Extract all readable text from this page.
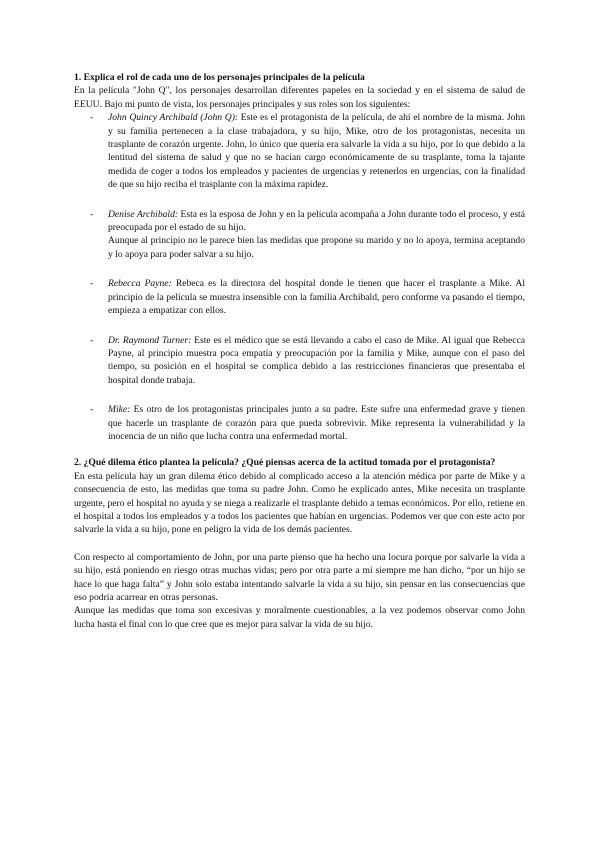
1. Explica el rol de cada uno de los personajes principales de la película

En la película "John Q", los personajes desarrollan diferentes papeles en la sociedad y en el sistema de salud de EEUU. Bajo mi punto de vista, los personajes principales y sus roles son los siguientes:

- John Quincy Archibald (John Q): Este es el protagonista de la película, de ahí el nombre de la misma. John y su familia pertenecen a la clase trabajadora, y su hijo, Mike, otro de los protagonistas, necesita un trasplante de corazón urgente. John, lo único que quería era salvarle la vida a su hijo, por lo que debido a la lentitud del sistema de salud y que no se hacían cargo económicamente de su trasplante, toma la tajante medida de coger a todos los empleados y pacientes de urgencias y retenerlos en urgencias, con la finalidad de que su hijo reciba el trasplante con la máxima rapidez.
- Denise Archibald: Esta es la esposa de John y en la película acompaña a John durante todo el proceso, y está preocupada por el estado de su hijo.
Aunque al principio no le parece bien las medidas que propone su marido y no lo apoya, termina aceptando y lo apoya para poder salvar a su hijo.
- Rebecca Payne: Rebeca es la directora del hospital donde le tienen que hacer el trasplante a Mike. Al principio de la película se muestra insensible con la familia Archibald, pero conforme va pasando el tiempo, empieza a empatizar con ellos.
- Dr. Raymond Turner: Este es el médico que se está llevando a cabo el caso de Mike. Al igual que Rebecca Payne, al principio muestra poca empatía y preocupación por la familia y Mike, aunque con el paso del tiempo, su posición en el hospital se complica debido a las restricciones financieras que presentaba el hospital donde trabaja.
- Mike: Es otro de los protagonistas principales junto a su padre. Este sufre una enfermedad grave y tienen que hacerle un trasplante de corazón para que pueda sobrevivir. Mike representa la vulnerabilidad y la inocencia de un niño que lucha contra una enfermedad mortal.

2. ¿Qué dilema ético plantea la película? ¿Qué piensas acerca de la actitud tomada por el protagonista?

En esta película hay un gran dilema ético debido al complicado acceso a la atención médica por parte de Mike y a consecuencia de esto, las medidas que toma su padre John. Como he explicado antes, Mike necesita un trasplante urgente, pero el hospital no ayuda y se niega a realizarle el trasplante debido a temas económicos. Por ello, retiene en el hospital a todos los empleados y a todos los pacientes que habían en urgencias. Podemos ver que con este acto por salvarle la vida a su hijo, pone en peligro la vida de los demás pacientes.

Con respecto al comportamiento de John, por una parte pienso que ha hecho una locura porque por salvarle la vida a su hijo, está poniendo en riesgo otras muchas vidas; pero por otra parte a mí siempre me han dicho, “por un hijo se hace lo que haga falta” y John solo estaba intentando salvarle la vida a su hijo, sin pensar en las consecuencias que eso podría acarrear en otras personas.

Aunque las medidas que toma son excesivas y moralmente cuestionables, a la vez podemos observar como John lucha hasta el final con lo que cree que es mejor para salvar la vida de su hijo.
